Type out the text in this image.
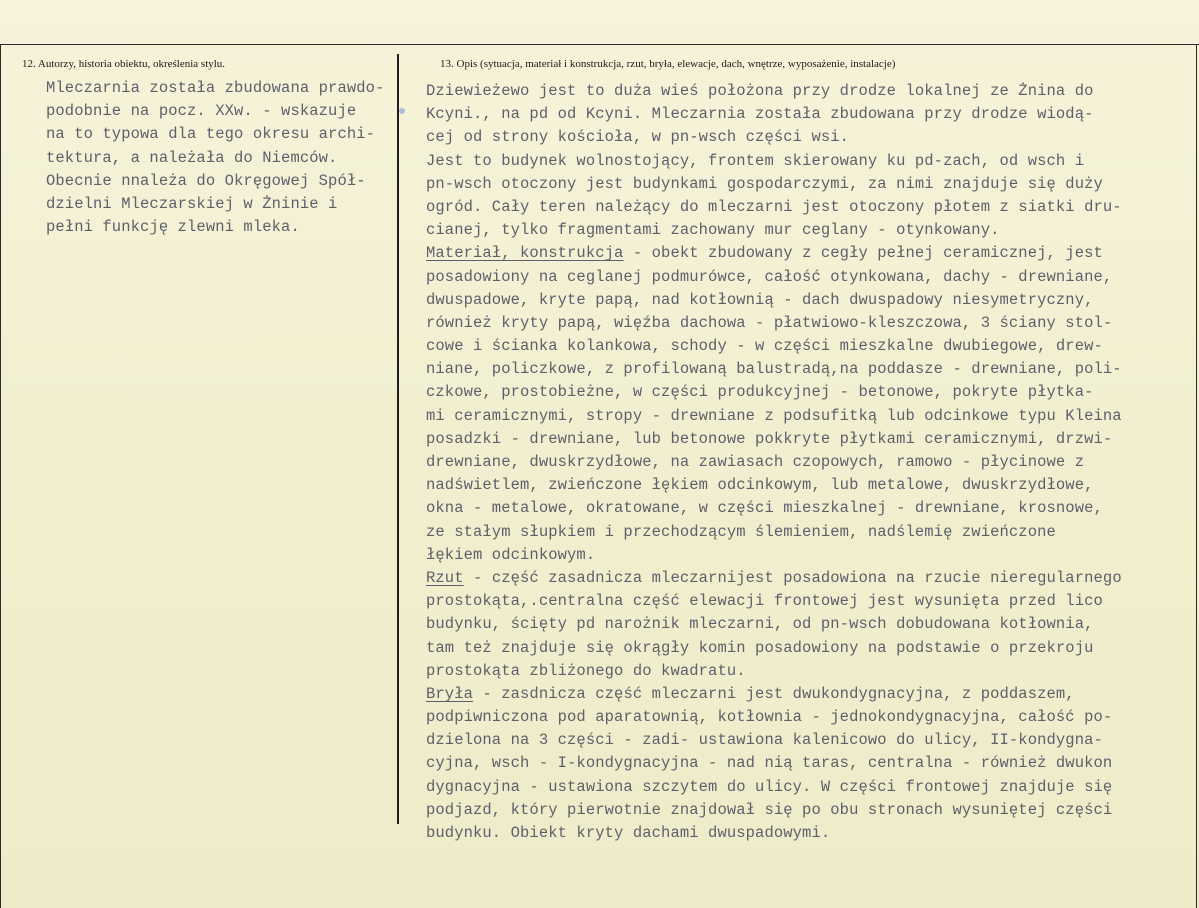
12. Autorzy, historia obiektu, określenia stylu.	13. Opis (sytuacja, materiał i konstrukcja, rzut, bryła, elewacje, dach, wnętrze, wyposażenie, instalacje)

Mleczarnia została zbudowana prawdo-
podobnie na pocz. XXw. - wskazuje
na to typowa dla tego okresu archi-
tektura, a należała do Niemców.
Obecnie nnależa do Okręgowej Spół-
dzielni Mleczarskiej w Żninie i
pełni funkcję zlewni mleka.
Dziewieżewo jest to duża wieś położona przy drodze lokalnej ze Żnina do
Kcyni., na pd od Kcyni. Mleczarnia została zbudowana przy drodze wiodą-
cej od strony kościoła, w pn-wsch części wsi.
Jest to budynek wolnostojący, frontem skierowany ku pd-zach, od wsch i
pn-wsch otoczony jest budynkami gospodarczymi, za nimi znajduje się duży
ogród. Cały teren należący do mleczarni jest otoczony płotem z siatki dru-
cianej, tylko fragmentami zachowany mur ceglany - otynkowany.
Materiał, konstrukcja - obekt zbudowany z cegły pełnej ceramicznej, jest
posadowiony na ceglanej podmurówce, całość otynkowana, dachy - drewniane,
dwuspadowe, kryte papą, nad kotłownią - dach dwuspadowy niesymetryczny,
również kryty papą, więźba dachowa - płatwiowo-kleszczowa, 3 ściany stol-
cowe i ścianka kolankowa, schody - w części mieszkalne dwubiegowe, drew-
niane, policzkowe, z profilowaną balustradą,na poddasze - drewniane, poli-
czkowe, prostobieżne, w części produkcyjnej - betonowe, pokryte płytka-
mi ceramicznymi, stropy - drewniane z podsufitką lub odcinkowe typu Kleina
posadzki - drewniane, lub betonowe pokkryte płytkami ceramicznymi, drzwi-
drewniane, dwuskrzydłowe, na zawiasach czopowych, ramowo - płycinowe z
nadświetlem, zwieńczone łękiem odcinkowym, lub metalowe, dwuskrzydłowe,
okna - metalowe, okratowane, w części mieszkalnej - drewniane, krosnowe,
ze stałym słupkiem i przechodzącym ślemieniem, nadślemię zwieńczone
łękiem odcinkowym.
Rzut - część zasadnicza mleczarnijest posadowiona na rzucie nieregularnego
prostokąta,.centralna część elewacji frontowej jest wysunięta przed lico
budynku, ścięty pd narożnik mleczarni, od pn-wsch dobudowana kotłownia,
tam też znajduje się okrągły komin posadowiony na podstawie o przekroju
prostokąta zbliżonego do kwadratu.
Bryła - zasdnicza część mleczarni jest dwukondygnacyjna, z poddaszem,
podpiwniczona pod aparatownią, kotłownia - jednokondygnacyjna, całość po-
dzielona na 3 części - zadi- ustawiona kalenicowo do ulicy, II-kondygna-
cyjna, wsch - I-kondygnacyjna - nad nią taras, centralna - również dwukon
dygnacyjna - ustawiona szczytem do ulicy. W części frontowej znajduje się
podjazd, który pierwotnie znajdował się po obu stronach wysuniętej części
budynku. Obiekt kryty dachami dwuspadowymi.
